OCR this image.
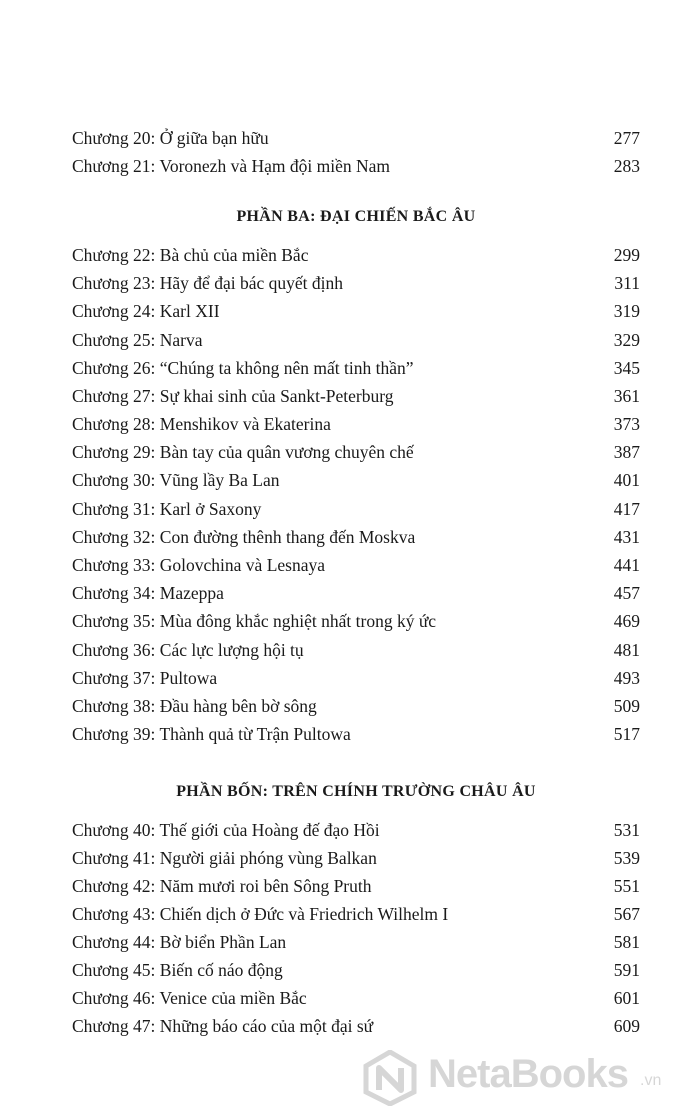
Chương 20: Ở giữa bạn hữu	277
Chương 21: Voronezh và Hạm đội miền Nam	283
PHẦN BA: ĐẠI CHIẾN BẮC ÂU
Chương 22: Bà chủ của miền Bắc	299
Chương 23: Hãy để đại bác quyết định	311
Chương 24: Karl XII	319
Chương 25: Narva	329
Chương 26: “Chúng ta không nên mất tinh thần”	345
Chương 27: Sự khai sinh của Sankt-Peterburg	361
Chương 28: Menshikov và Ekaterina	373
Chương 29: Bàn tay của quân vương chuyên chế	387
Chương 30: Vũng lầy Ba Lan	401
Chương 31: Karl ở Saxony	417
Chương 32: Con đường thênh thang đến Moskva	431
Chương 33: Golovchina và Lesnaya	441
Chương 34: Mazeppa	457
Chương 35: Mùa đông khắc nghiệt nhất trong ký ức	469
Chương 36: Các lực lượng hội tụ	481
Chương 37: Pultowa	493
Chương 38: Đầu hàng bên bờ sông	509
Chương 39: Thành quả từ Trận Pultowa	517
PHẦN BỐN: TRÊN CHÍNH TRƯỜNG CHÂU ÂU
Chương 40: Thế giới của Hoàng đế đạo Hồi	531
Chương 41: Người giải phóng vùng Balkan	539
Chương 42: Năm mươi roi bên Sông Pruth	551
Chương 43: Chiến dịch ở Đức và Friedrich Wilhelm I	567
Chương 44: Bờ biển Phần Lan	581
Chương 45: Biến cố náo động	591
Chương 46: Venice của miền Bắc	601
Chương 47: Những báo cáo của một đại sứ	609
NetaBooks .vn
